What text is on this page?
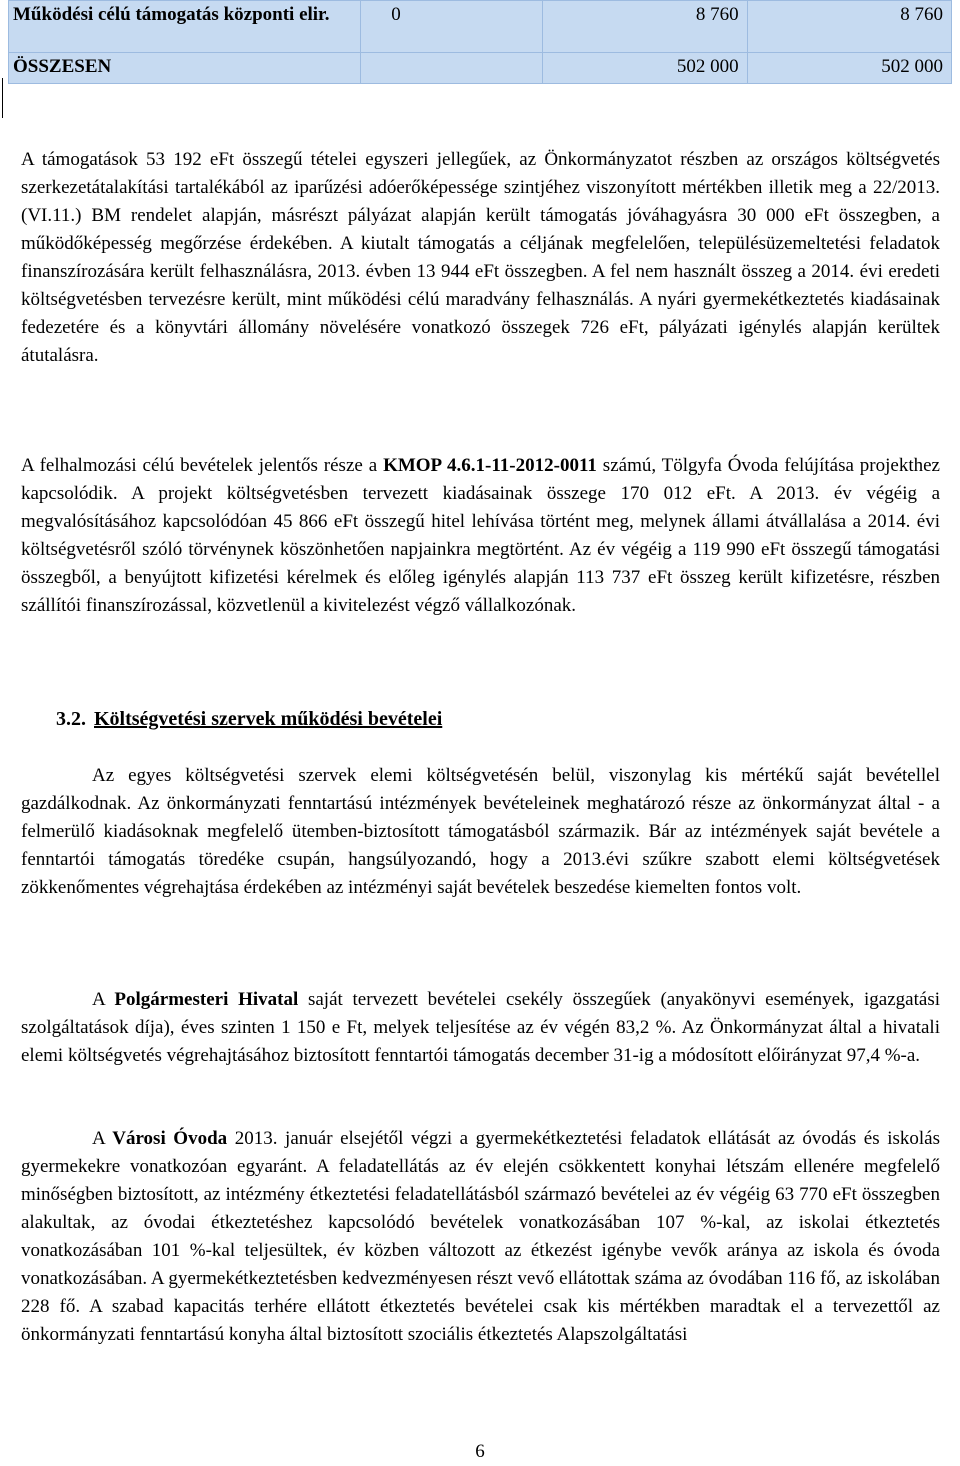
Működési célú támogatás központi elir.	0	8 760	8 760
ÖSSZESEN		502 000	502 000

A támogatások 53 192 eFt összegű tételei egyszeri jellegűek, az Önkormányzatot részben az országos költségvetés szerkezetátalakítási tartalékából az iparűzési adóerőképessége szintjéhez viszonyított mértékben illetik meg a 22/2013.(VI.11.) BM rendelet alapján, másrészt pályázat alapján került támogatás jóváhagyásra 30 000 eFt összegben, a működőképesség megőrzése érdekében. A kiutalt támogatás a céljának megfelelően, településüzemeltetési feladatok finanszírozására került felhasználásra, 2013. évben 13 944 eFt összegben. A fel nem használt összeg a 2014. évi eredeti költségvetésben tervezésre került, mint működési célú maradvány felhasználás. A nyári gyermekétkeztetés kiadásainak fedezetére és a könyvtári állomány növelésére vonatkozó összegek 726 eFt, pályázati igénylés alapján kerültek átutalásra.

A felhalmozási célú bevételek jelentős része a KMOP 4.6.1-11-2012-0011 számú, Tölgyfa Óvoda felújítása projekthez kapcsolódik. A projekt költségvetésben tervezett kiadásainak összege 170 012 eFt. A 2013. év végéig a megvalósításához kapcsolódóan 45 866 eFt összegű hitel lehívása történt meg, melynek állami átvállalása a 2014. évi költségvetésről szóló törvénynek köszönhetően napjainkra megtörtént. Az év végéig a 119 990 eFt összegű támogatási összegből, a benyújtott kifizetési kérelmek és előleg igénylés alapján 113 737 eFt összeg került kifizetésre, részben szállítói finanszírozással, közvetlenül a kivitelezést végző vállalkozónak.

3.2. Költségvetési szervek működési bevételei

Az egyes költségvetési szervek elemi költségvetésén belül, viszonylag kis mértékű saját bevétellel gazdálkodnak. Az önkormányzati fenntartású intézmények bevételeinek meghatározó része az önkormányzat által - a felmerülő kiadásoknak megfelelő ütemben-biztosított támogatásból származik. Bár az intézmények saját bevétele a fenntartói támogatás töredéke csupán, hangsúlyozandó, hogy a 2013.évi szűkre szabott elemi költségvetések zökkenőmentes végrehajtása érdekében az intézményi saját bevételek beszedése kiemelten fontos volt.

A Polgármesteri Hivatal saját tervezett bevételei csekély összegűek (anyakönyvi események, igazgatási szolgáltatások díja), éves szinten 1 150 e Ft, melyek teljesítése az év végén 83,2 %. Az Önkormányzat által a hivatali elemi költségvetés végrehajtásához biztosított fenntartói támogatás december 31-ig a módosított előirányzat 97,4 %-a.

A Városi Óvoda 2013. január elsejétől végzi a gyermekétkeztetési feladatok ellátását az óvodás és iskolás gyermekekre vonatkozóan egyaránt. A feladatellátás az év elején csökkentett konyhai létszám ellenére megfelelő minőségben biztosított, az intézmény étkeztetési feladatellátásból származó bevételei az év végéig 63 770 eFt összegben alakultak, az óvodai étkeztetéshez kapcsolódó bevételek vonatkozásában 107 %-kal, az iskolai étkeztetés vonatkozásában 101 %-kal teljesültek, év közben változott az étkezést igénybe vevők aránya az iskola és óvoda vonatkozásában. A gyermekétkeztetésben kedvezményesen részt vevő ellátottak száma az óvodában 116 fő, az iskolában 228 fő. A szabad kapacitás terhére ellátott étkeztetés bevételei csak kis mértékben maradtak el a tervezettől az önkormányzati fenntartású konyha által biztosított szociális étkeztetés Alapszolgáltatási

6
